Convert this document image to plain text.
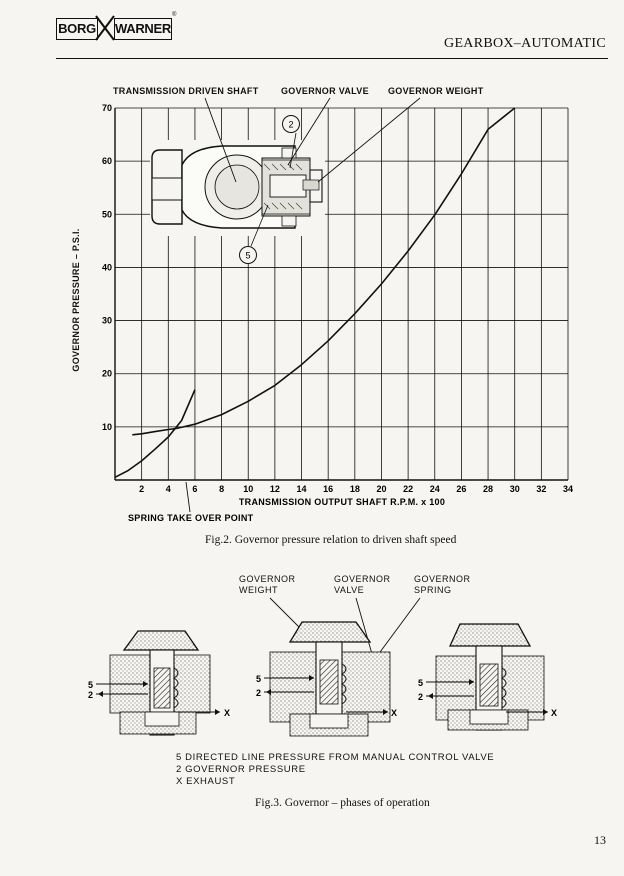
BORG WARNER
®
GEARBOX–AUTOMATIC
TRANSMISSION DRIVEN SHAFT GOVERNOR VALVE GOVERNOR WEIGHT
GOVERNOR PRESSURE – P.S.I.
2 4 6 8 10 12 14 16 18 20 22 24 26 28 30 32 34
10
20
30
40
50
60
70
2
5
TRANSMISSION OUTPUT SHAFT R.P.M. x 100
SPRING TAKE OVER POINT
Fig.2. Governor pressure relation to driven shaft speed
GOVERNOR
WEIGHT
GOVERNOR
VALVE
GOVERNOR
SPRING
5
2
X
5
2
X
5
2
X
5 DIRECTED LINE PRESSURE FROM MANUAL CONTROL VALVE
2 GOVERNOR PRESSURE
X EXHAUST
Fig.3. Governor – phases of operation
13
